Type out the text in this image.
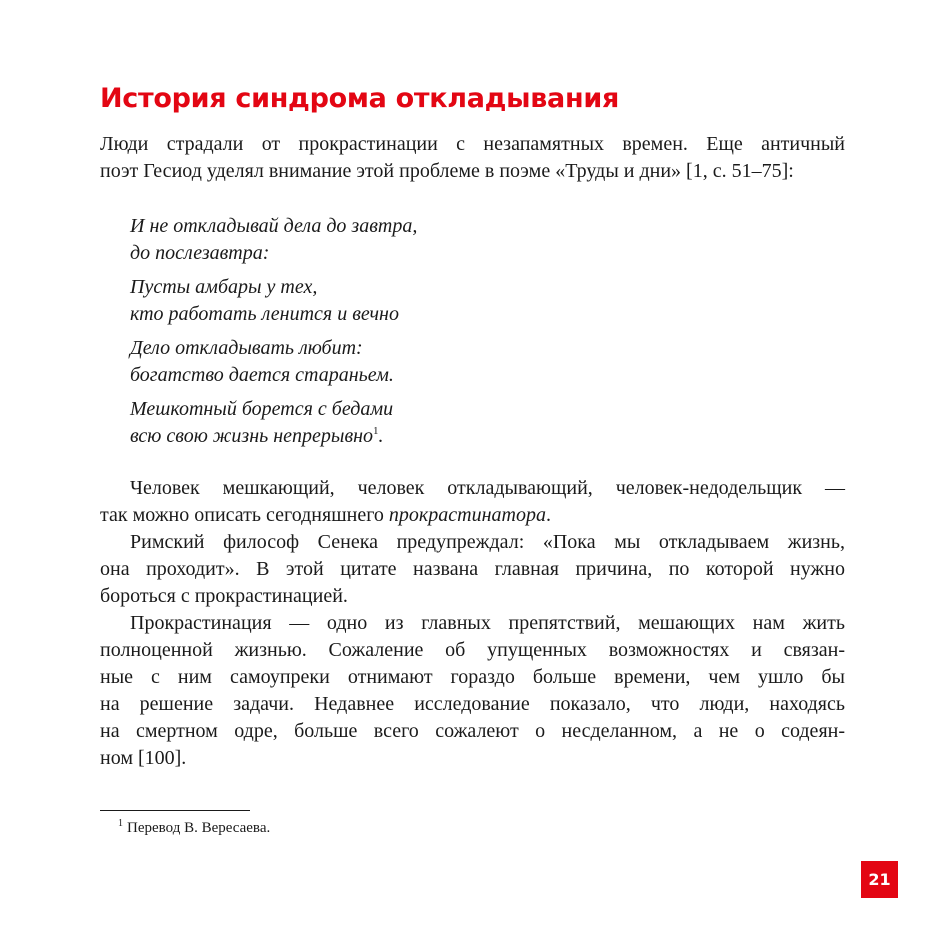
История синдрома откладывания

Люди страдали от прокрастинации с незапамятных времен. Еще античный
поэт Гесиод уделял внимание этой проблеме в поэме «Труды и дни» [1, с. 51–75]:

И не откладывай дела до завтра,
до послезавтра:
Пусты амбары у тех,
кто работать ленится и вечно
Дело откладывать любит:
богатство дается стараньем.
Мешкотный борется с бедами
всю свою жизнь непрерывно$^1$.
Человек мешкающий, человек откладывающий, человек-недодельщик —
так можно описать сегодняшнего прокрастинатора.
Римский философ Сенека предупреждал: «Пока мы откладываем жизнь,
она проходит». В этой цитате названа главная причина, по которой нужно
бороться с прокрастинацией.
Прокрастинация — одно из главных препятствий, мешающих нам жить
полноценной жизнью. Сожаление об упущенных возможностях и связан-
ные с ним самоупреки отнимают гораздо больше времени, чем ушло бы
на решение задачи. Недавнее исследование показало, что люди, находясь
на смертном одре, больше всего сожалеют о несделанном, а не о содеян-
ном [100].
$^1$ Перевод В. Вересаева.
21
